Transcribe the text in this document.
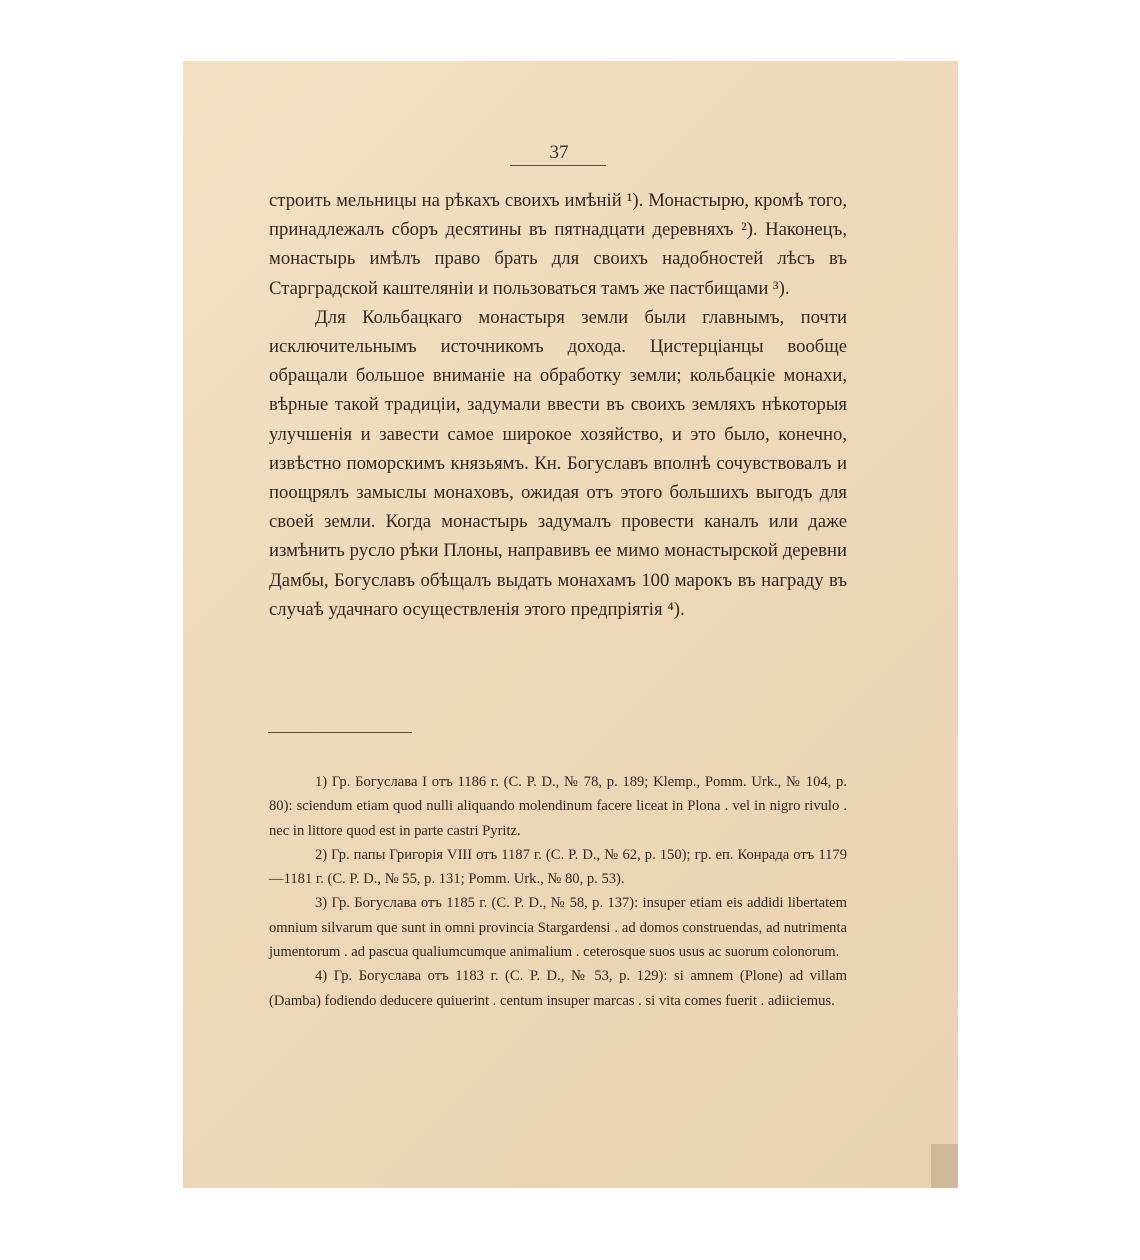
37

строить мельницы на рѣкахъ своихъ имѣній ¹). Монастырю, кромѣ того, принадлежалъ сборъ десятины въ пятнадцати деревняхъ ²). Наконецъ, монастырь имѣлъ право брать для своихъ надобностей лѣсъ въ Старградской каштеляніи и пользоваться тамъ же пастбищами ³).

Для Кольбацкаго монастыря земли были главнымъ, почти исключительнымъ источникомъ дохода. Цистерціанцы вообще обращали большое вниманіе на обработку земли; кольбацкіе монахи, вѣрные такой традиціи, задумали ввести въ своихъ земляхъ нѣкоторыя улучшенія и завести самое широкое хозяйство, и это было, конечно, извѣстно поморскимъ князьямъ. Кн. Богуславъ вполнѣ сочувствовалъ и поощрялъ замыслы монаховъ, ожидая отъ этого большихъ выгодъ для своей земли. Когда монастырь задумалъ провести каналъ или даже измѣнить русло рѣки Плоны, направивъ ее мимо монастырской деревни Дамбы, Богуславъ обѣщалъ выдать монахамъ 100 марокъ въ награду въ случаѣ удачнаго осуществленія этого предпріятія ⁴).

1) Гр. Богуслава I отъ 1186 г. (C. P. D., № 78, p. 189; Klemp., Pomm. Urk., № 104, p. 80): sciendum etiam quod nulli aliquando molendinum facere liceat in Plona . vel in nigro rivulo . nec in littore quod est in parte castri Pyritz.

2) Гр. папы Григорія VIII отъ 1187 г. (C. P. D., № 62, p. 150); гр. еп. Конрада отъ 1179—1181 г. (C. P. D., № 55, p. 131; Pomm. Urk., № 80, p. 53).

3) Гр. Богуслава отъ 1185 г. (C. P. D., № 58, p. 137): insuper etiam eis addidi libertatem omnium silvarum que sunt in omni provincia Stargardensi . ad domos construendas, ad nutrimenta jumentorum . ad pascua qualiumcumque animalium . ceterosque suos usus ac suorum colonorum.

4) Гр. Богуслава отъ 1183 г. (C. P. D., № 53, p. 129): si amnem (Plone) ad villam (Damba) fodiendo deducere quiuerint . centum insuper marcas . si vita comes fuerit . adiiciemus.
